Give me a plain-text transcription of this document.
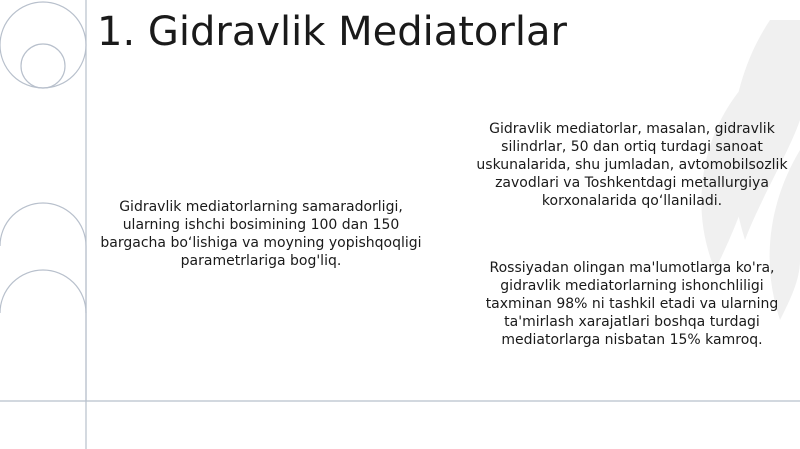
1. Gidravlik Mediatorlar

Gidravlik mediatorlarning samaradorligi, ularning ishchi bosimining 100 dan 150 bargacha bo‘lishiga va moyning yopishqoqligi parametrlariga bog'liq.

Gidravlik mediatorlar, masalan, gidravlik silindrlar, 50 dan ortiq turdagi sanoat uskunalarida, shu jumladan, avtomobilsozlik zavodlari va Toshkentdagi metallurgiya korxonalarida qo‘llaniladi.

Rossiyadan olingan ma'lumotlarga ko'ra, gidravlik mediatorlarning ishonchliligi taxminan 98% ni tashkil etadi va ularning ta'mirlash xarajatlari boshqa turdagi mediatorlarga nisbatan 15% kamroq.
